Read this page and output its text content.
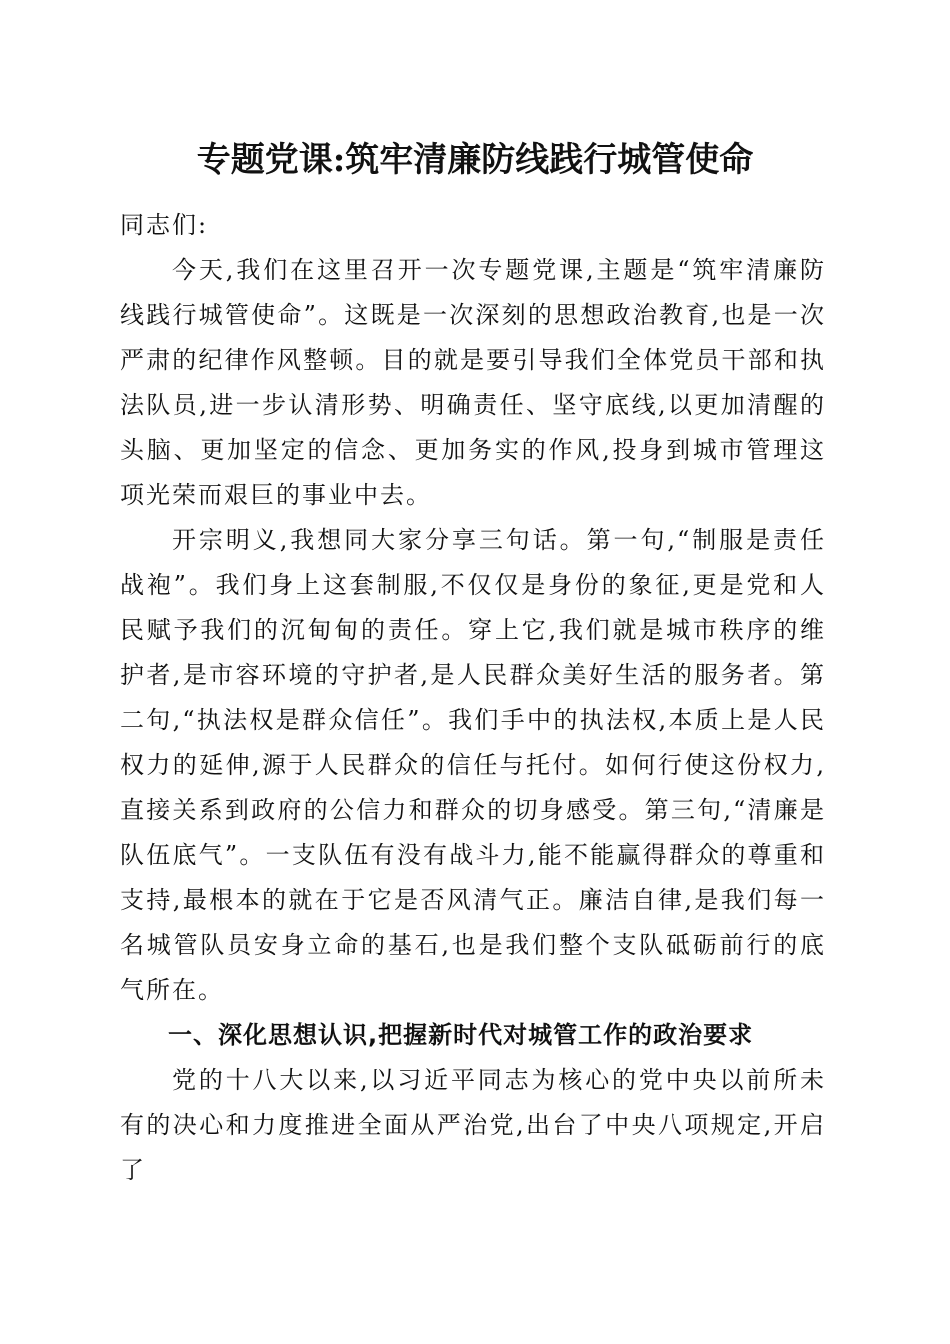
专题党课:筑牢清廉防线践行城管使命

同志们:

今天,我们在这里召开一次专题党课,主题是“筑牢清廉防线践行城管使命”。这既是一次深刻的思想政治教育,也是一次严肃的纪律作风整顿。目的就是要引导我们全体党员干部和执法队员,进一步认清形势、明确责任、坚守底线,以更加清醒的头脑、更加坚定的信念、更加务实的作风,投身到城市管理这项光荣而艰巨的事业中去。

开宗明义,我想同大家分享三句话。第一句,“制服是责任战袍”。我们身上这套制服,不仅仅是身份的象征,更是党和人民赋予我们的沉甸甸的责任。穿上它,我们就是城市秩序的维护者,是市容环境的守护者,是人民群众美好生活的服务者。第二句,“执法权是群众信任”。我们手中的执法权,本质上是人民权力的延伸,源于人民群众的信任与托付。如何行使这份权力,直接关系到政府的公信力和群众的切身感受。第三句,“清廉是队伍底气”。一支队伍有没有战斗力,能不能赢得群众的尊重和支持,最根本的就在于它是否风清气正。廉洁自律,是我们每一名城管队员安身立命的基石,也是我们整个支队砥砺前行的底气所在。

一、深化思想认识,把握新时代对城管工作的政治要求

党的十八大以来,以习近平同志为核心的党中央以前所未有的决心和力度推进全面从严治党,出台了中央八项规定,开启了
